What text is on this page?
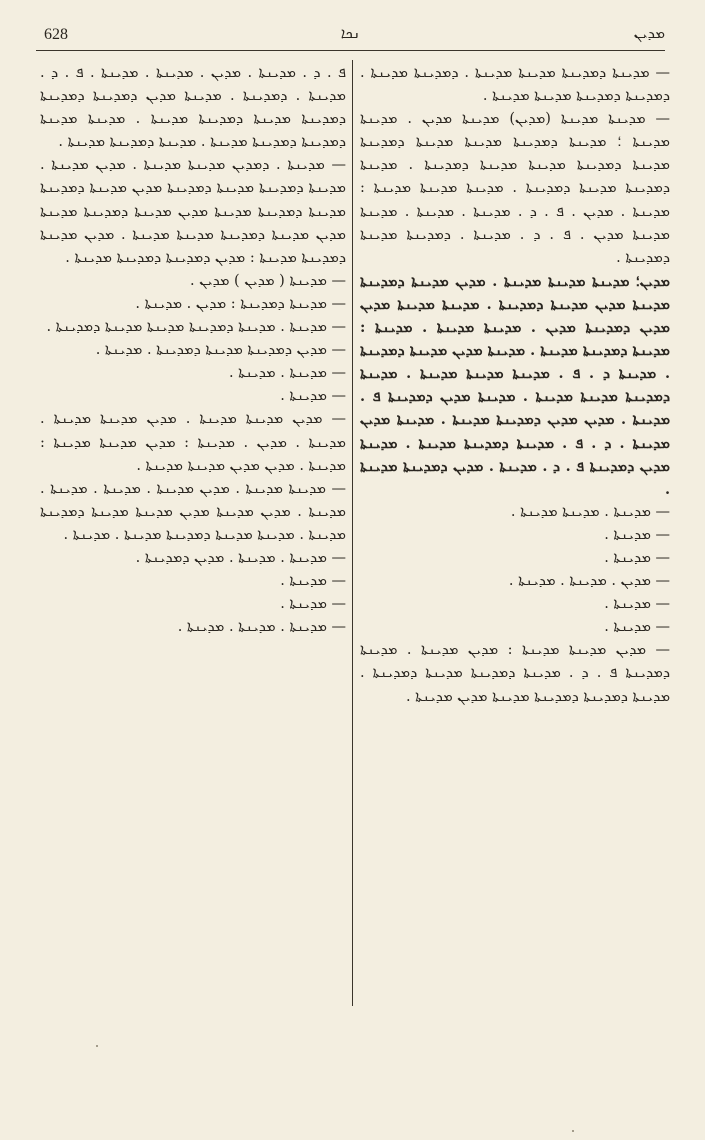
628	ܢܟܐ	ܡܕܝܢ
— ܡܕܝܢܬܐ ܕܡܕܝܢܬܐ ܡܕܝܢܬܐ ܡܕܝܢܬܐ . ܕܡܕܝܢܬܐ ܡܕܝܢܬܐ . ܕܡܕܝܢܬܐ ܕܡܕܝܢܬܐ ܡܕܝܢܬܐ ܡܕܝܢܬܐ .
— ܡܕܝܢܬܐ ܡܕܝܢܬܐ (ܡܕܝܢ) ܡܕܝܢܬܐ ܡܕܝܢ . ܡܕܝܢܬܐ ܡܕܝܢܬܐ ؛ ܡܕܝܢܬܐ ܕܡܕܝܢܬܐ ܡܕܝܢܬܐ ܡܕܝܢܬܐ ܕܡܕܝܢܬܐ ܡܕܝܢܬܐ ܕܡܕܝܢܬܐ ܡܕܝܢܬܐ ܡܕܝܢܬܐ ܕܡܕܝܢܬܐ . ܡܕܝܢܬܐ ܕܡܕܝܢܬܐ ܡܕܝܢܬܐ ܕܡܕܝܢܬܐ . ܡܕܝܢܬܐ ܡܕܝܢܬܐ ܡܕܝܢܬܐ : ܡܕܝܢܬܐ . ܡܕܝܢ . ܦ . ܕ . ܡܕܝܢܬܐ . ܡܕܝܢܬܐ . ܡܕܝܢܬܐ ܡܕܝܢܬܐ ܡܕܝܢ . ܦ . ܕ . ܡܕܝܢܬܐ . ܕܡܕܝܢܬܐ ܡܕܝܢܬܐ ܕܡܕܝܢܬܐ .
ܡܕܝܢ؛ ܡܕܝܢܬܐ ܡܕܝܢܬܐ ܡܕܝܢܬܐ . ܡܕܝܢ ܡܕܝܢܬܐ ܕܡܕܝܢܬܐ ܡܕܝܢܬܐ ܡܕܝܢ ܡܕܝܢܬܐ ܕܡܕܝܢܬܐ . ܡܕܝܢܬܐ ܡܕܝܢܬܐ ܡܕܝܢ ܡܕܝܢ ܕܡܕܝܢܬܐ ܡܕܝܢ . ܡܕܝܢܬܐ ܡܕܝܢܬܐ . ܡܕܝܢܬܐ : ܡܕܝܢܬܐ ܕܡܕܝܢܬܐ ܡܕܝܢܬܐ . ܡܕܝܢܬܐ ܡܕܝܢ ܡܕܝܢܬܐ ܕܡܕܝܢܬܐ . ܡܕܝܢܬܐ ܕ . ܦ . ܡܕܝܢܬܐ ܡܕܝܢܬܐ ܡܕܝܢܬܐ . ܡܕܝܢܬܐ ܕܡܕܝܢܬܐ ܡܕܝܢܬܐ ܡܕܝܢܬܐ . ܡܕܝܢܬܐ ܡܕܝܢ ܕܡܕܝܢܬܐ ܦ . ܡܕܝܢܬܐ . ܡܕܝܢ ܡܕܝܢ ܕܡܕܝܢܬܐ ܡܕܝܢܬܐ . ܡܕܝܢܬܐ ܡܕܝܢ ܡܕܝܢܬܐ . ܕ . ܦ . ܡܕܝܢܬܐ ܕܡܕܝܢܬܐ ܡܕܝܢܬܐ . ܡܕܝܢܬܐ ܡܕܝܢ ܕܡܕܝܢܬܐ ܦ . ܕ . ܡܕܝܢܬܐ . ܡܕܝܢ ܕܡܕܝܢܬܐ ܡܕܝܢܬܐ .
— ܡܕܝܢܬܐ . ܡܕܝܢܬܐ ܡܕܝܢܬܐ .
— ܡܕܝܢܬܐ .
— ܡܕܝܢܬܐ .
— ܡܕܝܢ . ܡܕܝܢܬܐ . ܡܕܝܢܬܐ .
— ܡܕܝܢܬܐ .
— ܡܕܝܢܬܐ .
— ܡܕܝܢ ܡܕܝܢܬܐ ܡܕܝܢܬܐ : ܡܕܝܢ ܡܕܝܢܬܐ . ܡܕܝܢܬܐ ܕܡܕܝܢܬܐ ܦ . ܕ . ܡܕܝܢܬܐ ܕܡܕܝܢܬܐ ܡܕܝܢܬܐ ܕܡܕܝܢܬܐ . ܡܕܝܢܬܐ ܕܡܕܝܢܬܐ ܕܡܕܝܢܬܐ ܡܕܝܢܬܐ ܡܕܝܢ ܡܕܝܢܬܐ .
ܦ . ܕ . ܡܕܝܢܬܐ . ܡܕܝܢ . ܡܕܝܢܬܐ . ܡܕܝܢܬܐ . ܦ . ܕ . ܡܕܝܢܬܐ . ܕܡܕܝܢܬܐ . ܡܕܝܢܬܐ ܡܕܝܢ ܕܡܕܝܢܬܐ ܕܡܕܝܢܬܐ ܕܡܕܝܢܬܐ ܡܕܝܢܬܐ ܕܡܕܝܢܬܐ ܡܕܝܢܬܐ . ܡܕܝܢܬܐ ܡܕܝܢܬܐ ܕܡܕܝܢܬܐ ܕܡܕܝܢܬܐ ܡܕܝܢܬܐ . ܡܕܝܢܬܐ ܕܡܕܝܢܬܐ ܡܕܝܢܬܐ .
— ܡܕܝܢܬܐ . ܕܡܕܝܢ ܡܕܝܢܬܐ ܡܕܝܢܬܐ . ܡܕܝܢ ܡܕܝܢܬܐ . ܡܕܝܢܬܐ ܕܡܕܝܢܬܐ ܡܕܝܢܬܐ ܕܡܕܝܢܬܐ ܡܕܝܢ ܡܕܝܢܬܐ ܕܡܕܝܢܬܐ ܡܕܝܢܬܐ ܕܡܕܝܢܬܐ ܡܕܝܢܬܐ ܡܕܝܢ ܡܕܝܢܬܐ ܕܡܕܝܢܬܐ ܡܕܝܢܬܐ ܡܕܝܢ ܡܕܝܢܬܐ ܕܡܕܝܢܬܐ ܡܕܝܢܬܐ ܡܕܝܢܬܐ . ܡܕܝܢ ܡܕܝܢܬܐ ܕܡܕܝܢܬܐ ܡܕܝܢܬܐ : ܡܕܝܢ ܕܡܕܝܢܬܐ ܕܡܕܝܢܬܐ ܡܕܝܢܬܐ .
— ܡܕܝܢܬܐ ( ܡܕܝܢ ) ܡܕܝܢ .
— ܡܕܝܢܬܐ ܕܡܕܝܢܬܐ : ܡܕܝܢ . ܡܕܝܢܬܐ .
— ܡܕܝܢܬܐ . ܡܕܝܢܬܐ ܕܡܕܝܢܬܐ ܡܕܝܢܬܐ ܡܕܝܢܬܐ ܕܡܕܝܢܬܐ .
— ܡܕܝܢ ܕܡܕܝܢܬܐ ܡܕܝܢܬܐ ܕܡܕܝܢܬܐ . ܡܕܝܢܬܐ .
— ܡܕܝܢܬܐ . ܡܕܝܢܬܐ .
— ܡܕܝܢܬܐ .
— ܡܕܝܢ ܡܕܝܢܬܐ ܡܕܝܢܬܐ . ܡܕܝܢ ܡܕܝܢܬܐ ܡܕܝܢܬܐ . ܡܕܝܢܬܐ . ܡܕܝܢ . ܡܕܝܢܬܐ : ܡܕܝܢ ܡܕܝܢܬܐ ܡܕܝܢܬܐ : ܡܕܝܢܬܐ . ܡܕܝܢ ܡܕܝܢ ܡܕܝܢܬܐ ܡܕܝܢܬܐ .
— ܡܕܝܢܬܐ ܡܕܝܢܬܐ . ܡܕܝܢ ܡܕܝܢܬܐ . ܡܕܝܢܬܐ . ܡܕܝܢܬܐ . ܡܕܝܢܬܐ . ܡܕܝܢ ܡܕܝܢܬܐ ܡܕܝܢ ܡܕܝܢܬܐ ܡܕܝܢܬܐ ܕܡܕܝܢܬܐ ܡܕܝܢܬܐ . ܡܕܝܢܬܐ ܡܕܝܢܬܐ ܕܡܕܝܢܬܐ ܡܕܝܢܬܐ . ܡܕܝܢܬܐ .
— ܡܕܝܢܬܐ . ܡܕܝܢܬܐ . ܡܕܝܢ ܕܡܕܝܢܬܐ .
— ܡܕܝܢܬܐ .
— ܡܕܝܢܬܐ .
— ܡܕܝܢܬܐ . ܡܕܝܢܬܐ . ܡܕܝܢܬܐ .
